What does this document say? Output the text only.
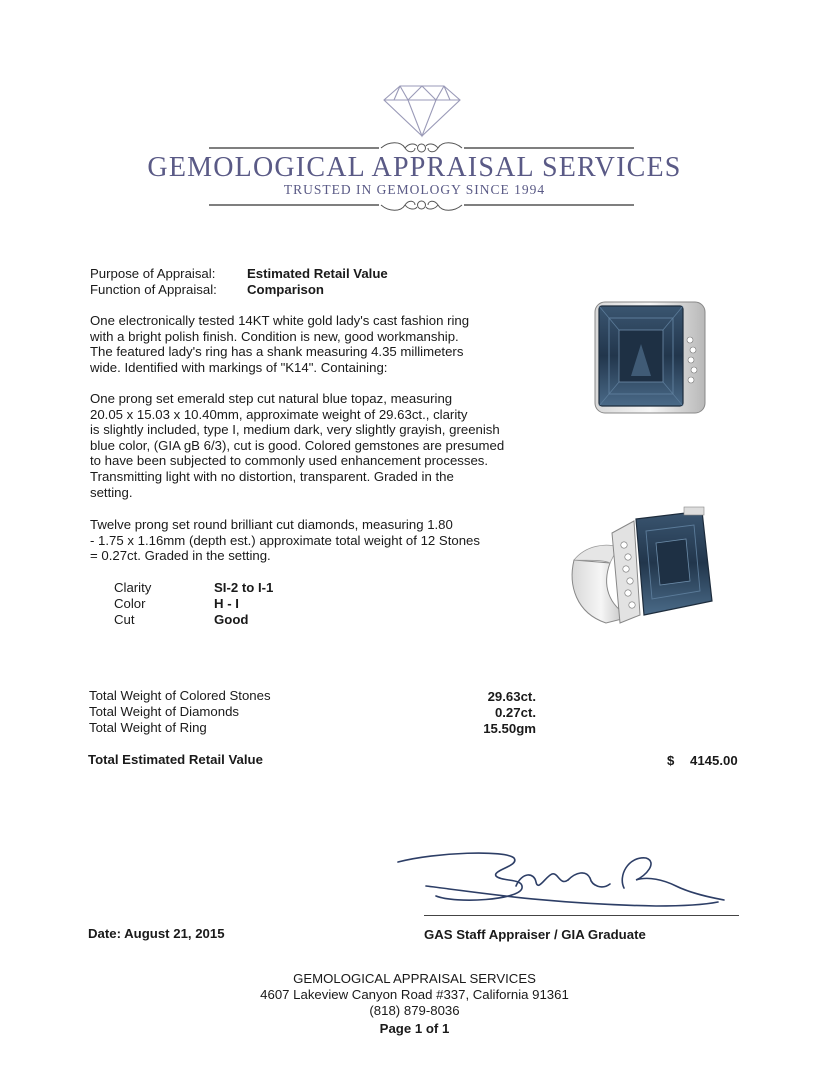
GEMOLOGICAL APPRAISAL SERVICES
TRUSTED IN GEMOLOGY SINCE 1994
Purpose of Appraisal:	Estimated Retail Value
Function of Appraisal:	Comparison
One electronically tested 14KT white gold lady's cast fashion ring
with a bright polish finish. Condition is new, good workmanship.
The featured lady's ring has a shank measuring 4.35 millimeters
wide. Identified with markings of "K14". Containing:
One prong set emerald step cut natural blue topaz, measuring
20.05 x 15.03 x 10.40mm, approximate weight of 29.63ct., clarity
is slightly included, type I, medium dark, very slightly grayish, greenish
blue color, (GIA gB 6/3), cut is good. Colored gemstones are presumed
to have been subjected to commonly used enhancement processes.
Transmitting light with no distortion, transparent. Graded in the
setting.
Twelve prong set round brilliant cut diamonds, measuring 1.80
- 1.75 x 1.16mm (depth est.) approximate total weight of 12 Stones
= 0.27ct. Graded in the setting.
Clarity	SI-2 to I-1
Color	H - I
Cut	Good
Total Weight of Colored Stones	29.63ct.
Total Weight of Diamonds	0.27ct.
Total Weight of Ring	15.50gm
Total Estimated Retail Value	$ 4145.00
Date: August 21, 2015	GAS Staff Appraiser / GIA Graduate
GEMOLOGICAL APPRAISAL SERVICES
4607 Lakeview Canyon Road #337, California 91361
(818) 879-8036
Page 1 of 1
